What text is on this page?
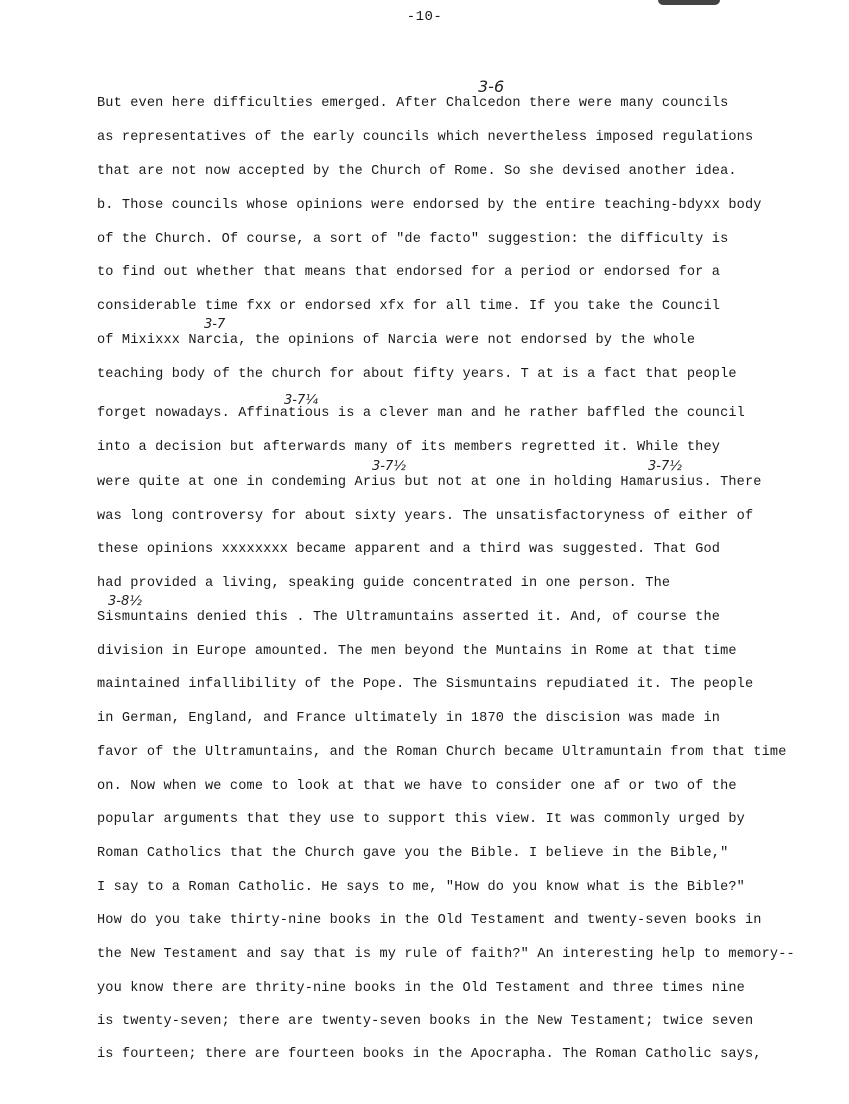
-10-
But even here difficulties emerged. After Chalcedon there were many councils
as representatives of the early councils which nevertheless imposed regulations
that are not now accepted by the Church of Rome. So she devised another idea.
b. Those councils whose opinions were endorsed by the entire teaching-bdyxx body
of the Church. Of course, a sort of "de facto" suggestion: the difficulty is
to find out whether that means that endorsed for a period or endorsed for a
considerable time fxx or endorsed xfx for all time. If you take the Council
of Mixixxx Narcia, the opinions of Narcia were not endorsed by the whole
teaching body of the church for about fifty years. T at is a fact that people
forget nowadays. Affinatious is a clever man and he rather baffled the council
into a decision but afterwards many of its members regretted it. While they
were quite at one in condeming Arius but not at one in holding Hamarusius. There
was long controversy for about sixty years. The unsatisfactoryness of either of
these opinions xxxxxxxx became apparent and a third was suggested. That God
had provided a living, speaking guide concentrated in one person. The
Sismuntains denied this . The Ultramuntains asserted it. And, of course the
division in Europe amounted. The men beyond the Muntains in Rome at that time
maintained infallibility of the Pope. The Sismuntains repudiated it. The people
in German, England, and France ultimately in 1870 the discision was made in
favor of the Ultramuntains, and the Roman Church became Ultramuntain from that time
on. Now when we come to look at that we have to consider one af or two of the
popular arguments that they use to support this view. It was commonly urged by
Roman Catholics that the Church gave you the Bible. I believe in the Bible,"
I say to a Roman Catholic. He says to me, "How do you know what is the Bible?"
How do you take thirty-nine books in the Old Testament and twenty-seven books in
the New Testament and say that is my rule of faith?" An interesting help to memory--
you know there are thrity-nine books in the Old Testament and three times nine
is twenty-seven; there are twenty-seven books in the New Testament; twice seven
is fourteen; there are fourteen books in the Apocrapha. The Roman Catholic says,
3-6
3-7
3-7¼
3-7½	3-7½
3-8½
